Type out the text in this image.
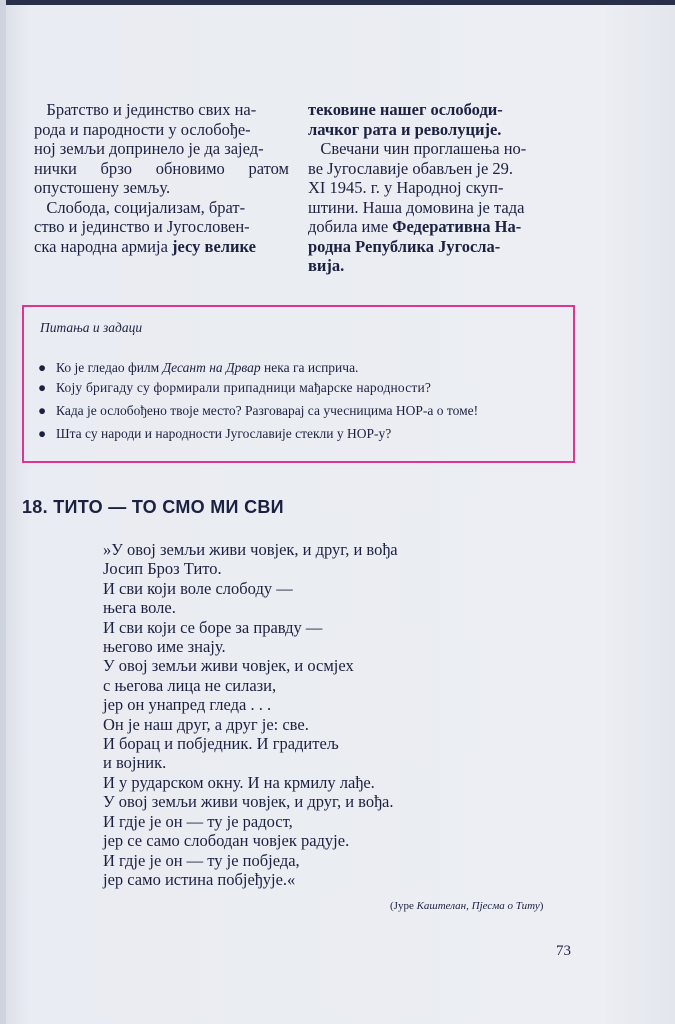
Братство и јединство свих на-
рода и пародности у ослобође-
ној земљи допринело је да зајед-
нички брзо обновимо ратом
опустошену земљу.
Слобода, социјализам, брат-
ство и јединство и Југословен-
ска народна армија јесу велике
тековине нашег ослободи-
лачког рата и револуције.
Свечани чин проглашења но-
ве Југославије обављен је 29.
XI 1945. г. у Народној скуп-
штини. Наша домовина је тада
добила име Федеративна На-
родна Република Југосла-
вија.
Питања и задаци
● Ко је гледао филм Десант на Дрвар нека га исприча.
● Коју бригаду су формирали припадници мађарске народности?
● Када је ослобођено твоје место? Разговарај са учесницима НОР-а о томе!
● Шта су народи и народности Југославије стекли у НОР-у?
18. ТИТО — ТО СМО МИ СВИ
»У овој земљи живи човјек, и друг, и вођа
Јосип Броз Тито.
И сви који воле слободу —
њега воле.
И сви који се боре за правду —
његово име знају.
У овој земљи живи човјек, и осмјех
с његова лица не силази,
јер он унапред гледа . . .
Он је наш друг, а друг је: све.
И борац и побједник. И градитељ
и војник.
И у рударском окну. И на крмилу лађе.
У овој земљи живи човјек, и друг, и вођа.
И гдје је он — ту је радост,
јер се само слободан човјек радује.
И гдје је он — ту је побједа,
јер само истина побјеђује.«
(Јуре Каштелан, Пјесма о Титу)
73
